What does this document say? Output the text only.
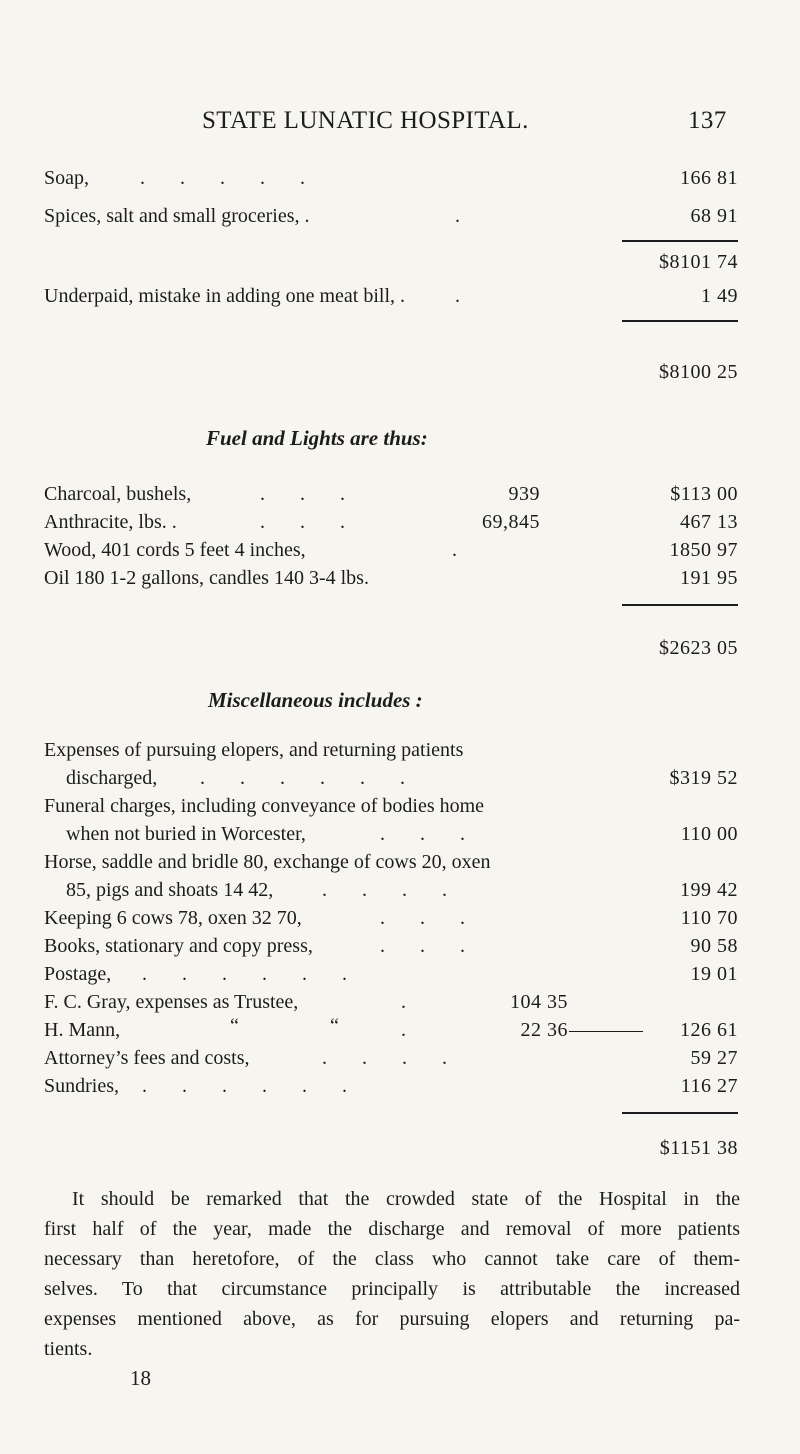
STATE LUNATIC HOSPITAL.	137
Soap,	.       .       .       .       .	166 81
Spices, salt and small groceries, .	.	68 91
$8101 74
Underpaid, mistake in adding one meat bill, . .	1 49
$8100 25
Fuel and Lights are thus:
Charcoal, bushels,	.       .       .	939	$113 00
Anthracite, lbs. .	.       .       .	69,845	467 13
Wood, 401 cords 5 feet 4 inches,	.	1850 97
Oil 180 1-2 gallons, candles 140 3-4 lbs.	191 95
$2623 05
Miscellaneous includes :
Expenses of pursuing elopers, and returning patients
discharged, .       .       .       .       .       .	$319 52
Funeral charges, including conveyance of bodies home
when not buried in Worcester,	.       .       .	110 00
Horse, saddle and bridle 80, exchange of cows 20, oxen
85, pigs and shoats 14 42, .       .       .       .	199 42
Keeping 6 cows 78, oxen 32 70,	.       .       .	110 70
Books, stationary and copy press,	.       .       .	90 58
Postage, .       .       .       .       .       .	19 01
F. C. Gray, expenses as Trustee,	.	104 35
H. Mann,	“	“	.	22 36	126 61
Attorney’s fees and costs,	.       .       .       .	59 27
Sundries, .       .       .       .       .       .	116 27
$1151 38
It should be remarked that the crowded state of the Hospital in the
first half of the year, made the discharge and removal of more patients
necessary than heretofore, of the class who cannot take care of them-
selves. To that circumstance principally is attributable the increased
expenses mentioned above, as for pursuing elopers and returning pa-
tients.
18
